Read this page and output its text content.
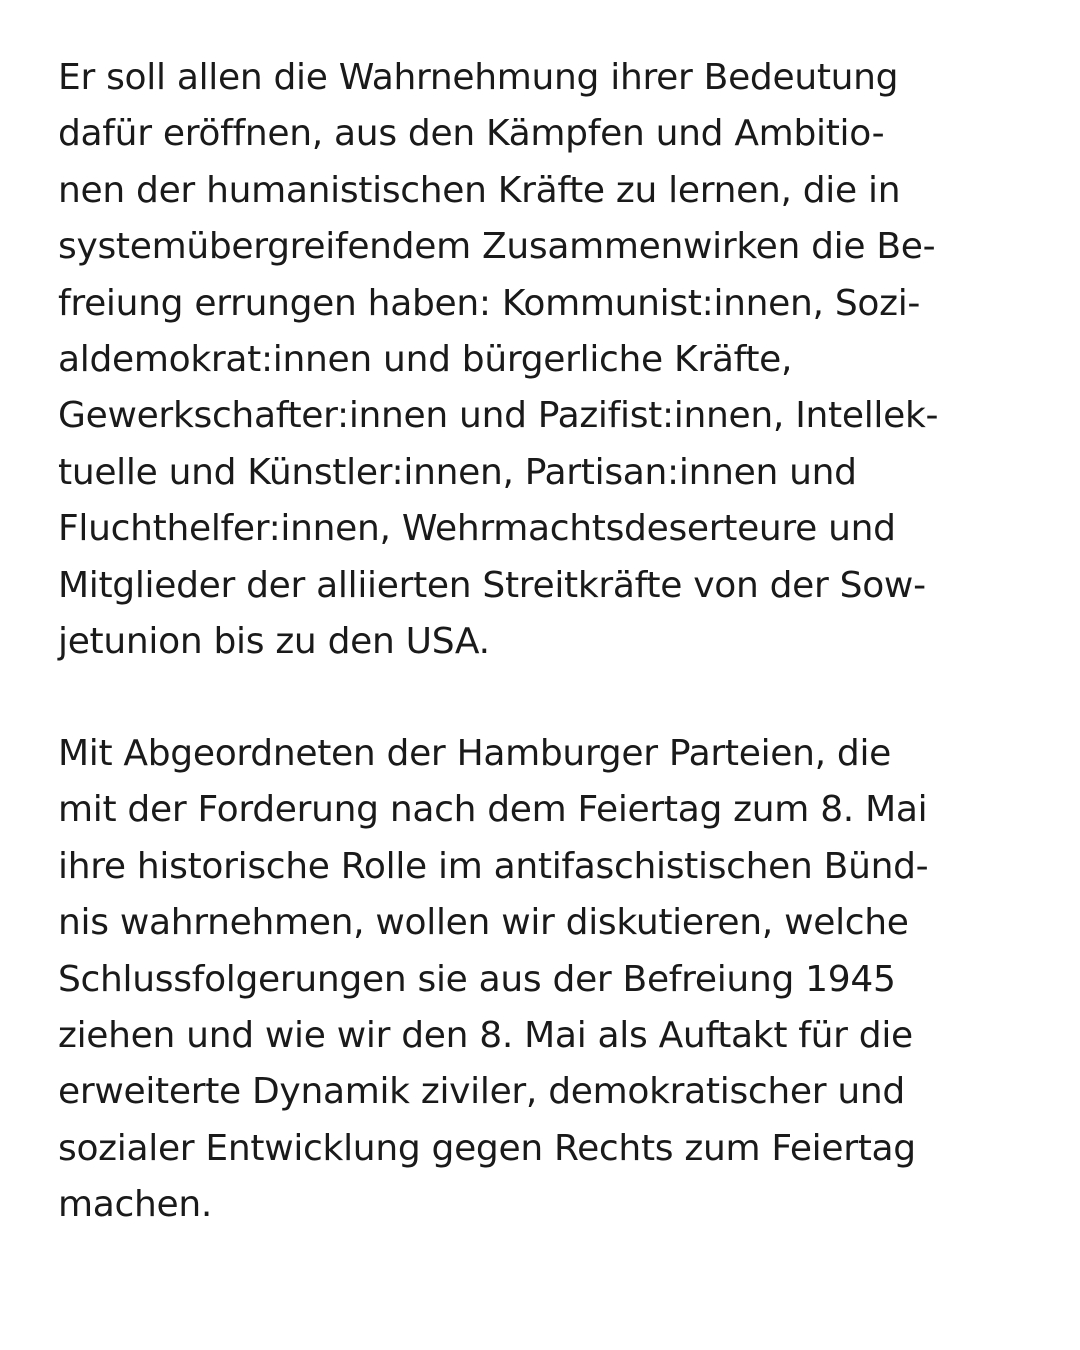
Er soll allen die Wahrnehmung ihrer Bedeutung
dafür eröffnen, aus den Kämpfen und Ambitio-
nen der humanistischen Kräfte zu lernen, die in
systemübergreifendem Zusammenwirken die Be-
freiung errungen haben: Kommunist:innen, Sozi-
aldemokrat:innen und bürgerliche Kräfte,
Gewerkschafter:innen und Pazifist:innen, Intellek-
tuelle und Künstler:innen, Partisan:innen und
Fluchthelfer:innen, Wehrmachtsdeserteure und
Mitglieder der alliierten Streitkräfte von der Sow-
jetunion bis zu den USA.

Mit Abgeordneten der Hamburger Parteien, die
mit der Forderung nach dem Feiertag zum 8. Mai
ihre historische Rolle im antifaschistischen Bünd-
nis wahrnehmen, wollen wir diskutieren, welche
Schlussfolgerungen sie aus der Befreiung 1945
ziehen und wie wir den 8. Mai als Auftakt für die
erweiterte Dynamik ziviler, demokratischer und
sozialer Entwicklung gegen Rechts zum Feiertag
machen.
